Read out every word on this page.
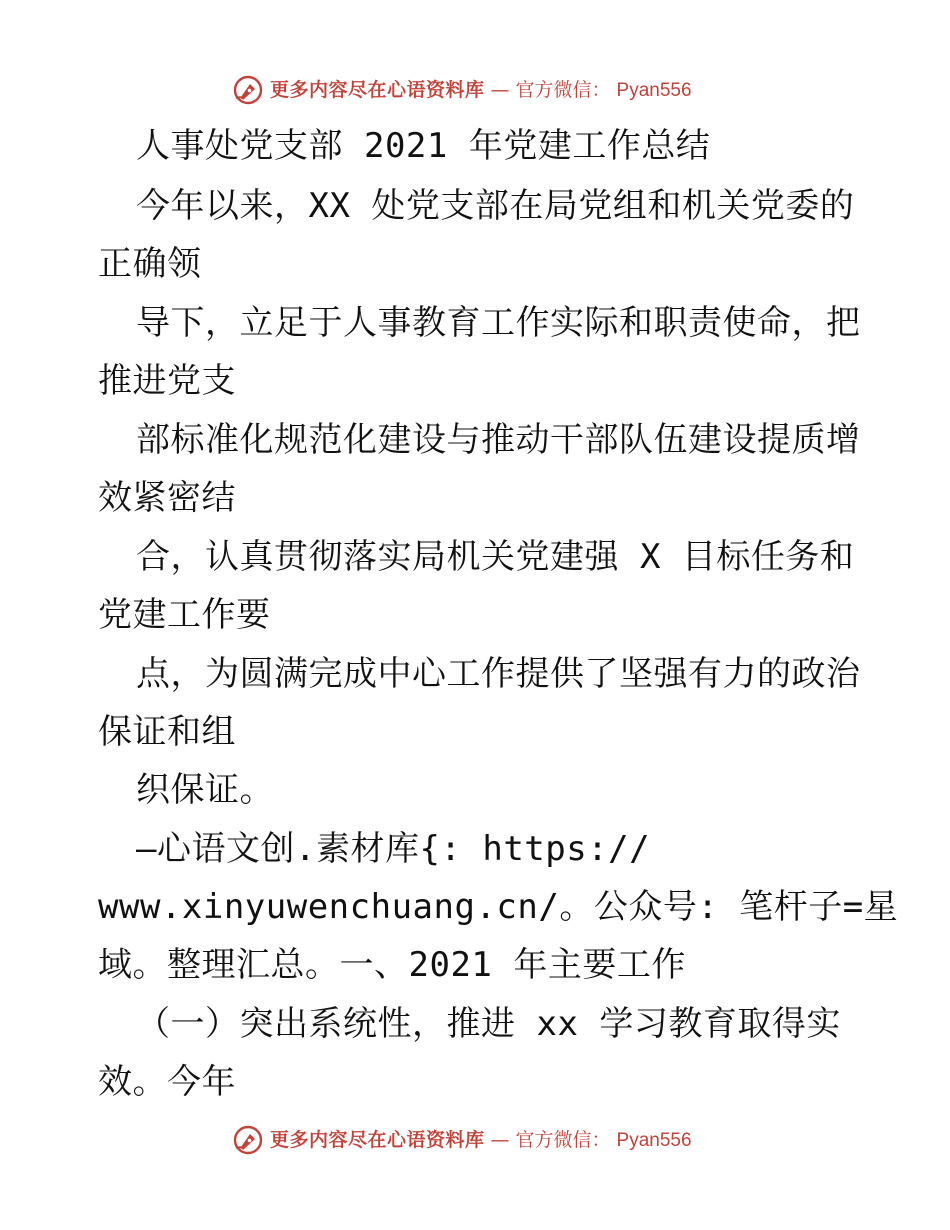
更多内容尽在心语资料库 — 官方微信： Pyan556
人事处党支部 2021 年党建工作总结
今年以来，XX 处党支部在局党组和机关党委的
正确领
导下，立足于人事教育工作实际和职责使命，把
推进党支
部标准化规范化建设与推动干部队伍建设提质增
效紧密结
合，认真贯彻落实局机关党建强 X 目标任务和
党建工作要
点，为圆满完成中心工作提供了坚强有力的政治
保证和组
织保证。
—心语文创.素材库{: https://
www.xinyuwenchuang.cn/。公众号: 笔杆子=星
域。整理汇总。一、2021 年主要工作
（一）突出系统性，推进 xx 学习教育取得实
效。今年
更多内容尽在心语资料库 — 官方微信： Pyan556
